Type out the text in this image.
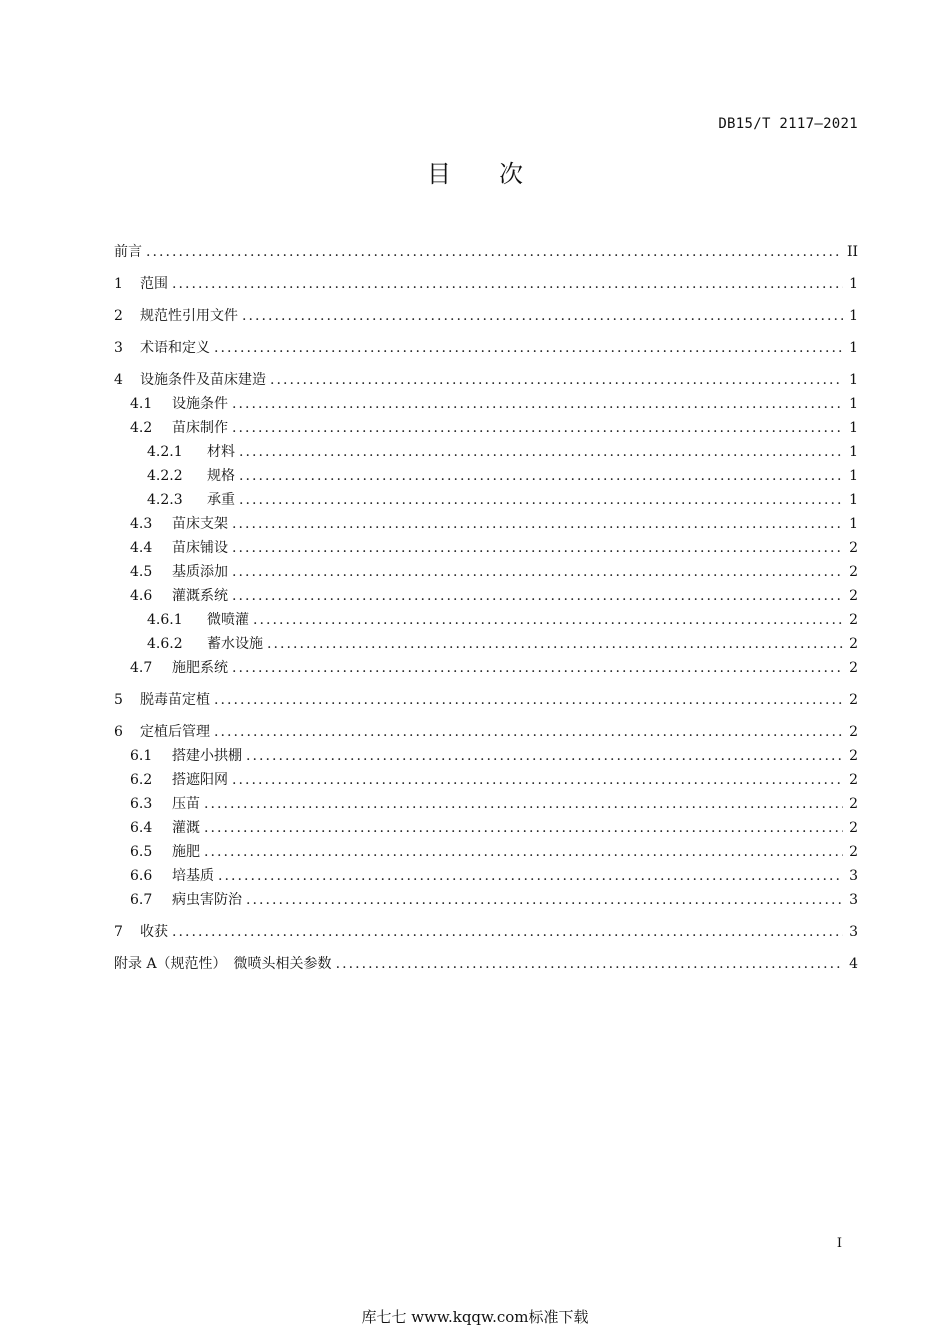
DB15/T 2117—2021
目次
前言 . . .	II
1	范围 . . .	1
2	规范性引用文件 . . .	1
3	术语和定义 . . .	1
4	设施条件及苗床建造 . . .	1
4.1	设施条件 . . .	1
4.2	苗床制作 . . .	1
4.2.1	材料 . . .	1
4.2.2	规格 . . .	1
4.2.3	承重 . . .	1
4.3	苗床支架 . . .	1
4.4	苗床铺设 . . .	2
4.5	基质添加 . . .	2
4.6	灌溉系统 . . .	2
4.6.1	微喷灌 . . .	2
4.6.2	蓄水设施 . . .	2
4.7	施肥系统 . . .	2
5	脱毒苗定植 . . .	2
6	定植后管理 . . .	2
6.1	搭建小拱棚 . . .	2
6.2	搭遮阳网 . . .	2
6.3	压苗 . . .	2
6.4	灌溉 . . .	2
6.5	施肥 . . .	2
6.6	培基质 . . .	3
6.7	病虫害防治 . . .	3
7	收获 . . .	3
附录 A（规范性）　微喷头相关参数 . . .	4
I
库七七 www.kqqw.com标准下载
